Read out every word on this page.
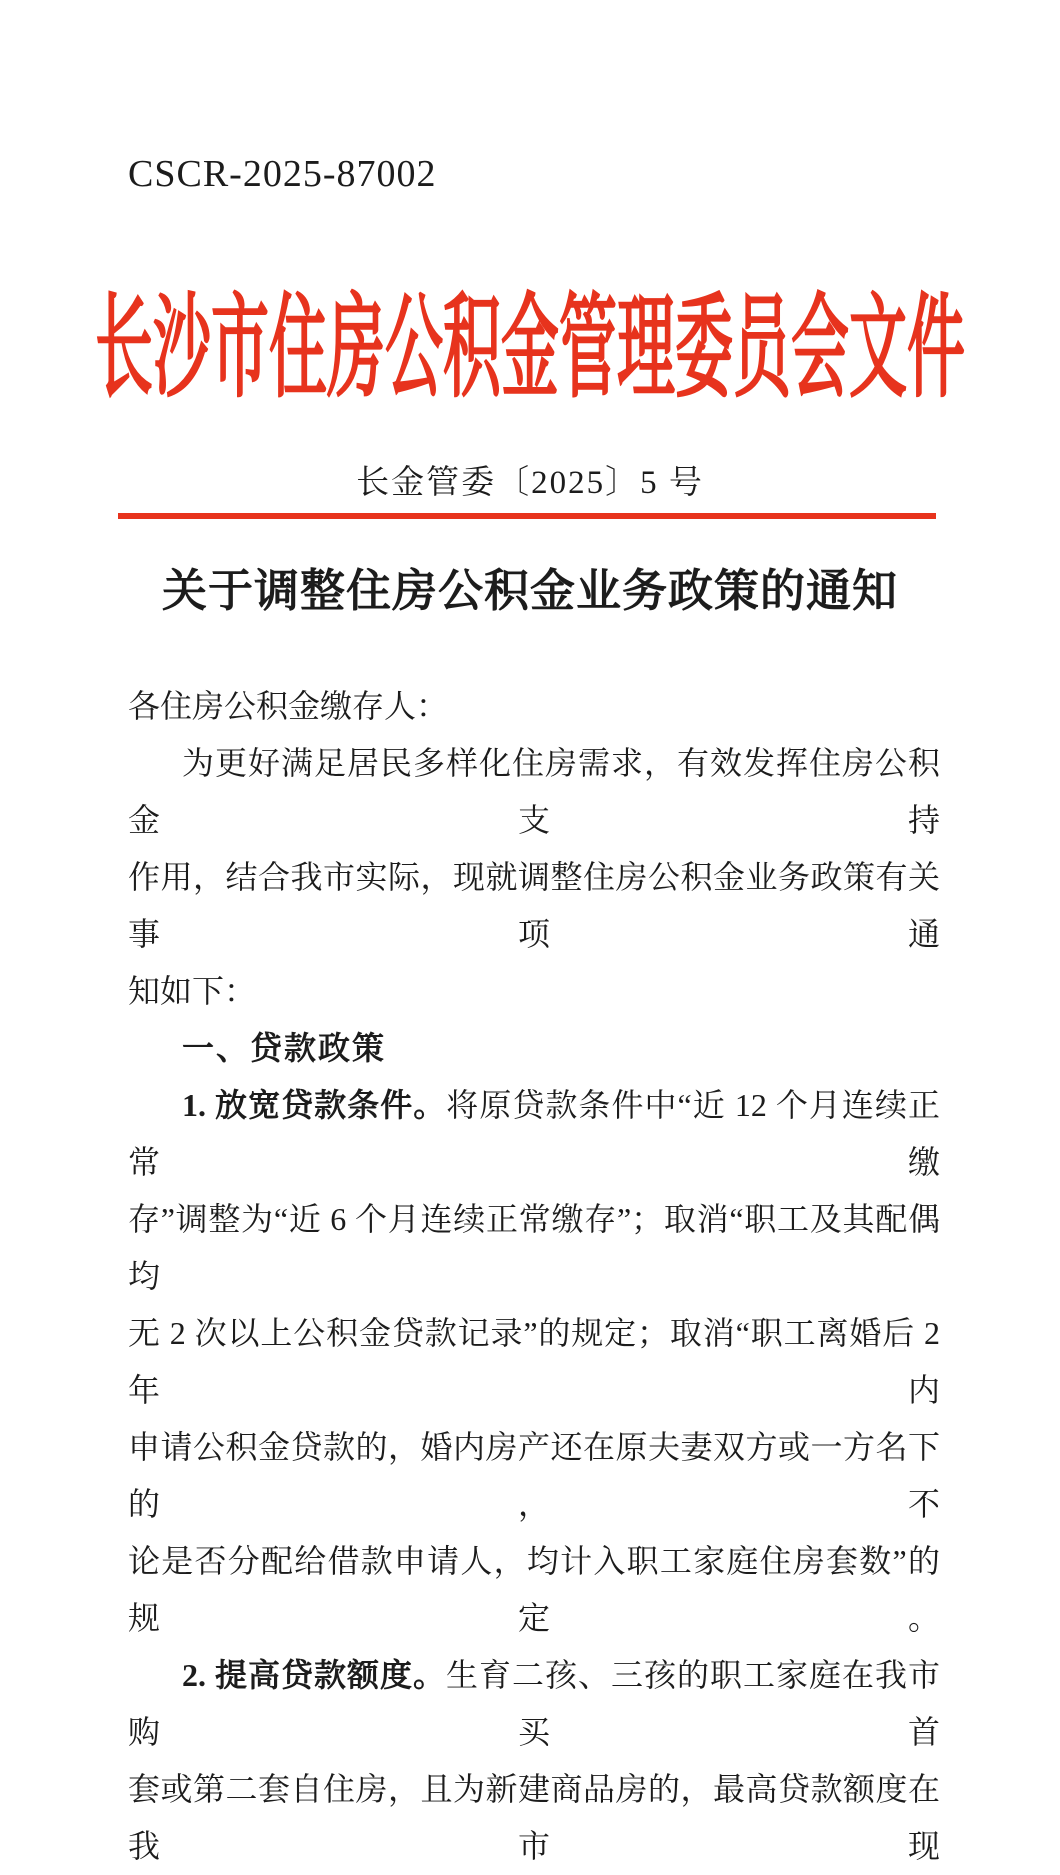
CSCR-2025-87002
长沙市住房公积金管理委员会文件
长金管委〔2025〕5 号
关于调整住房公积金业务政策的通知
各住房公积金缴存人：
为更好满足居民多样化住房需求，有效发挥住房公积金支持
作用，结合我市实际，现就调整住房公积金业务政策有关事项通
知如下：
一、贷款政策
1. 放宽贷款条件。将原贷款条件中“近 12 个月连续正常缴
存”调整为“近 6 个月连续正常缴存”；取消“职工及其配偶均
无 2 次以上公积金贷款记录”的规定；取消“职工离婚后 2 年内
申请公积金贷款的，婚内房产还在原夫妻双方或一方名下的，不
论是否分配给借款申请人，均计入职工家庭住房套数”的规定。
2. 提高贷款额度。生育二孩、三孩的职工家庭在我市购买首
套或第二套自住房，且为新建商品房的，最高贷款额度在我市现
